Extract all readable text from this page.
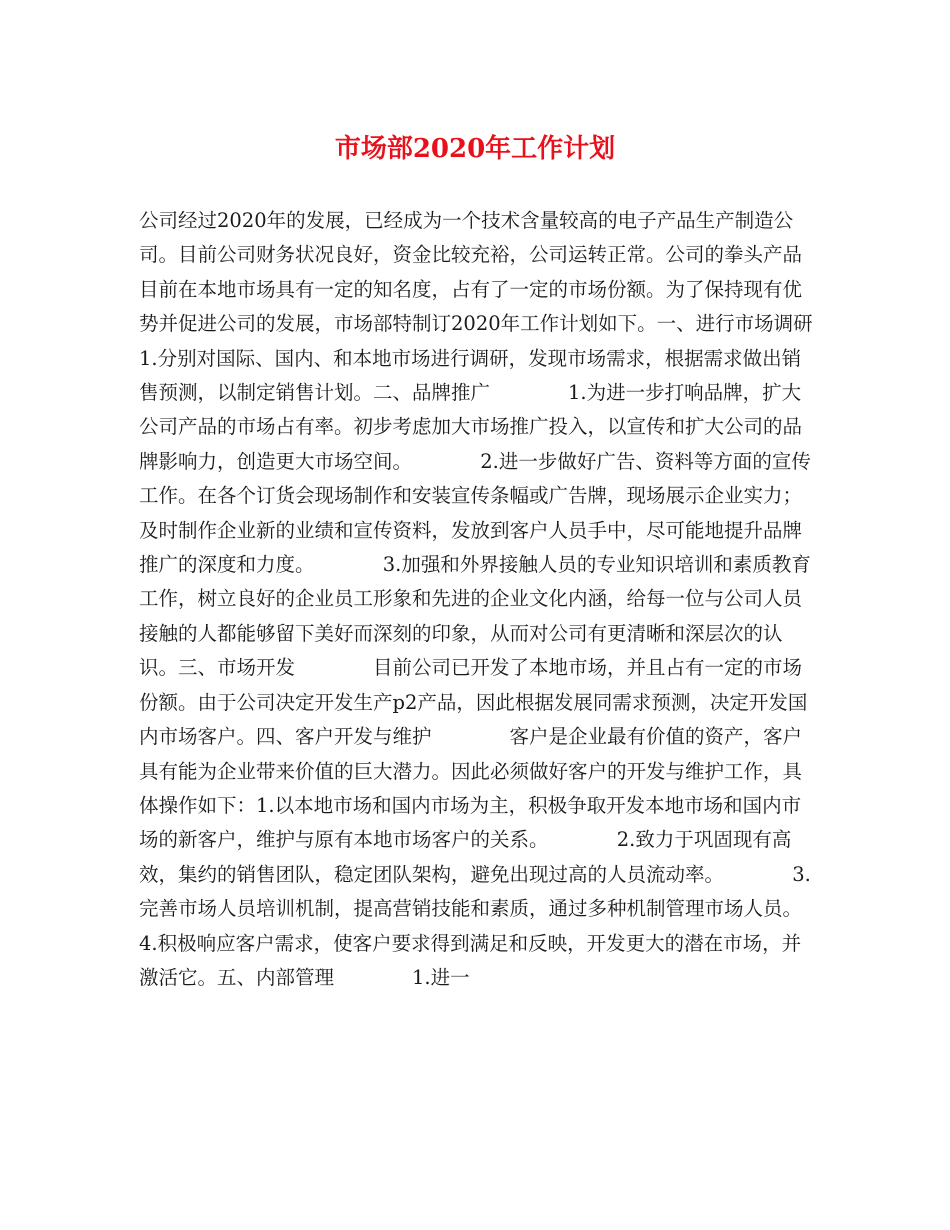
市场部2020年工作计划

公司经过2020年的发展，已经成为一个技术含量较高的电子产品生产制造公司。目前公司财务状况良好，资金比较充裕，公司运转正常。公司的拳头产品目前在本地市场具有一定的知名度，占有了一定的市场份额。为了保持现有优势并促进公司的发展，市场部特制订2020年工作计划如下。一、进行市场调研　　　　1.分别对国际、国内、和本地市场进行调研，发现市场需求，根据需求做出销售预测，以制定销售计划。二、品牌推广　　　　1.为进一步打响品牌，扩大公司产品的市场占有率。初步考虑加大市场推广投入，以宣传和扩大公司的品牌影响力，创造更大市场空间。　　　　2.进一步做好广告、资料等方面的宣传工作。在各个订货会现场制作和安装宣传条幅或广告牌，现场展示企业实力；及时制作企业新的业绩和宣传资料，发放到客户人员手中，尽可能地提升品牌推广的深度和力度。　　　　3.加强和外界接触人员的专业知识培训和素质教育工作，树立良好的企业员工形象和先进的企业文化内涵，给每一位与公司人员接触的人都能够留下美好而深刻的印象，从而对公司有更清晰和深层次的认识。三、市场开发　　　　目前公司已开发了本地市场，并且占有一定的市场份额。由于公司决定开发生产p2产品，因此根据发展同需求预测，决定开发国内市场客户。四、客户开发与维护　　　　客户是企业最有价值的资产，客户具有能为企业带来价值的巨大潜力。因此必须做好客户的开发与维护工作，具体操作如下：1.以本地市场和国内市场为主，积极争取开发本地市场和国内市场的新客户，维护与原有本地市场客户的关系。　　　　2.致力于巩固现有高效，集约的销售团队，稳定团队架构，避免出现过高的人员流动率。　　　　3.完善市场人员培训机制，提高营销技能和素质，通过多种机制管理市场人员。　　　　4.积极响应客户需求，使客户要求得到满足和反映，开发更大的潜在市场，并激活它。五、内部管理　　　　1.进一
